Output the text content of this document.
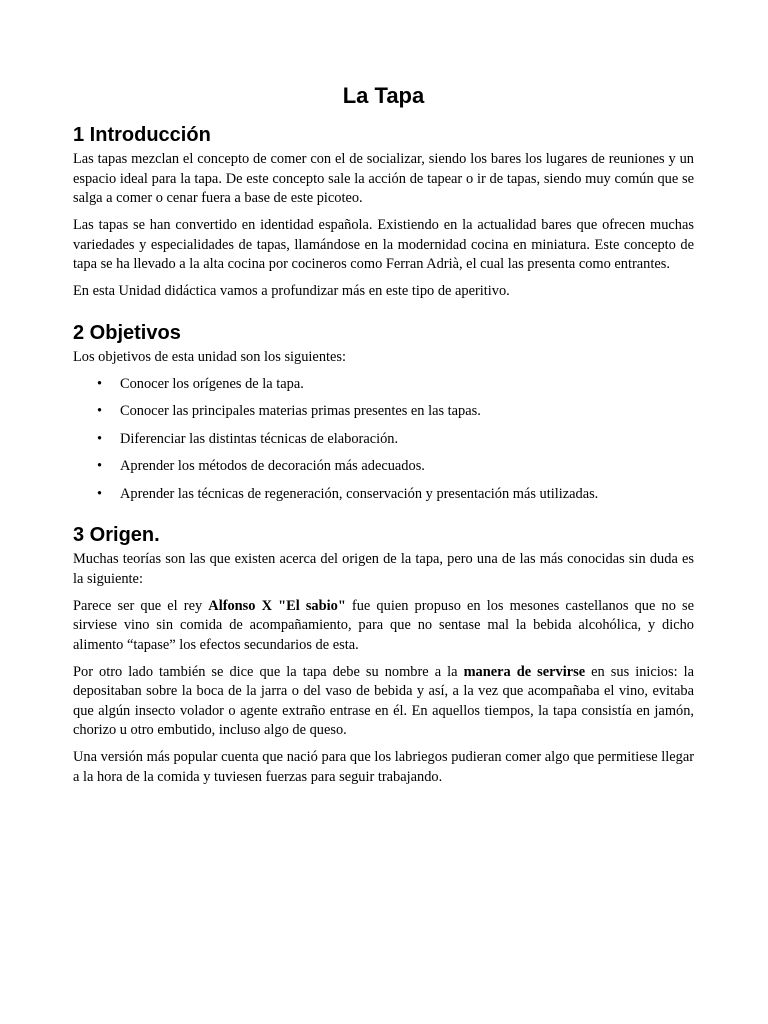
La Tapa
1 Introducción

Las tapas mezclan el concepto de comer con el de socializar, siendo los bares los lugares de reuniones y un espacio ideal para la tapa. De este concepto sale la acción de tapear o ir de tapas, siendo muy común que se salga a comer o cenar fuera a base de este picoteo.

Las tapas se han convertido en identidad española. Existiendo en la actualidad bares que ofrecen muchas variedades y especialidades de tapas, llamándose en la modernidad cocina en miniatura. Este concepto de tapa se ha llevado a la alta cocina por cocineros como Ferran Adrià, el cual las presenta como entrantes.

En esta Unidad didáctica vamos a profundizar más en este tipo de aperitivo.

2 Objetivos

Los objetivos de esta unidad son los siguientes:

• Conocer los orígenes de la tapa.
• Conocer las principales materias primas presentes en las tapas.
• Diferenciar las distintas técnicas de elaboración.
• Aprender los métodos de decoración más adecuados.
• Aprender las técnicas de regeneración, conservación y presentación más utilizadas.
3 Origen.

Muchas teorías son las que existen acerca del origen de la tapa, pero una de las más conocidas sin duda es la siguiente:

Parece ser que el rey Alfonso X "El sabio" fue quien propuso en los mesones castellanos que no se sirviese vino sin comida de acompañamiento, para que no sentase mal la bebida alcohólica, y dicho alimento “tapase” los efectos secundarios de esta.

Por otro lado también se dice que la tapa debe su nombre a la manera de servirse en sus inicios: la depositaban sobre la boca de la jarra o del vaso de bebida y así, a la vez que acompañaba el vino, evitaba que algún insecto volador o agente extraño entrase en él. En aquellos tiempos, la tapa consistía en jamón, chorizo u otro embutido, incluso algo de queso.

Una versión más popular cuenta que nació para que los labriegos pudieran comer algo que permitiese llegar a la hora de la comida y tuviesen fuerzas para seguir trabajando.
